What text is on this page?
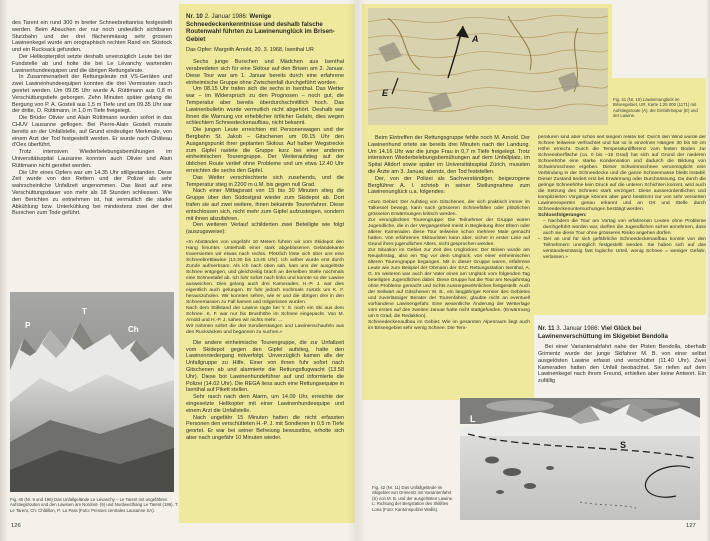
des Tarent ein rund 300 m breiter Schneebrettanriss festgestellt werden. Beim Absuchen der nur noch undeutlich sichtbaren Sturzbahn und der drei flächenmässig sehr grossen Lawinenkegel wurde am orographisch rechten Rand ein Skistock und ein Rucksack gefunden.

Der Helikopterpilot setzte deshalb unverzüglich Leute bei der Fundstelle ab und holte die bei Le Lévanchy wartenden Lawinenhundeequipen und die übrigen Rettungsleute.

In Zusammenarbeit der Rettungsleute mit VS-Geräten und zwei Lawinenhundeequipen konnten die drei Vermissten rasch geortet werden. Um 09.05 Uhr wurde A. Rüttimann aus 0,8 m Verschüttungstiefe geborgen. Zehn Minuten später gelang die Bergung von P. A. Gosteli aus 1,5 m Tiefe und um 09.35 Uhr war der dritte, O. Rüttimann, in 1,0 m Tiefe freigelegt.

Die Brüder Olivier und Alain Rüttimann wurden sofort in das CHUV Lausanne geflogen. Bei Pierre-Alain Gosteli musste bereits an der Unfallstelle, auf Grund eindeutiger Merkmale, von einem Arzt der Tod festgestellt werden. Er wurde nach Château d'Oex überführt.

Trotz intensiven Wiederbelebungsbemühungen im Universitätsspital Lausanne konnten auch Olivier und Alain Rüttimann nicht gerettet werden.

Die Uhr eines Opfers war um 14.35 Uhr stillgestanden. Diese Zeit wurde von den Rettern und der Polizei als sehr wahrscheinliche Unfallzeit angenommen. Das lässt auf eine Verschüttungsdauer von mehr als 18 Stunden schliessen. Wie den Berichten zu entnehmen ist, hat vermutlich die starke Abkühlung bzw. Unterkühlung bei mindestens zwei der drei Burschen zum Tode geführt.

P
T
Ch
Fig. 40 (Nr. 9 und 196) Das Unfallgelände Le Lévanchy – Le Tarent mit ungefähren Aufstiegsrouten und den Lawinen am Nordost- (9) und Nordwesthang Le Tarent (196). T: Le Tarent, Ch: Châtillon, P: La Para (Foto: Presses centrales Lausanne SA).
126
Nr. 10 2. Januar 1986: Wenige Schneedeckenkenntnisse und deshalb falsche Routenwahl führten zu Lawinenunglück im Brisen-Gebiet

Das Opfer: Margrith Arnold, 20. 3. 1968, Isenthal UR

Sechs junge Burschen und Mädchen aus Isenthal verabredeten sich für eine Skitour auf den Brisen am 2. Januar. Diese Tour war am 1. Januar bereits durch eine erfahrene einheimische Gruppe ohne Zwischenfall durchgeführt worden.

Um 08.15 Uhr trafen sich die sechs in Isenthal. Das Wetter war – im Widerspruch zu den Prognosen – noch gut, die Temperatur aber bereits überdurchschnittlich hoch. Das Lawinenbulletin wurde vermutlich nicht abgehört. Deshalb war ihnen die Warnung vor erheblicher örtlicher Gefahr, dies wegen schlechtem Schneedeckenaufbau, nicht bekannt.

Die jungen Leute erreichten mit Personenwagen und der Bergbahn St. Jakob – Gitschenen um 09.15 Uhr den Ausgangspunkt ihrer geplanten Skitour. Auf halber Wegstrecke zum Gipfel rastete die Gruppe kurz bei einer anderen einheimischen Tourengruppe. Der Weiteraufstieg auf der üblichen Route verlief ohne Probleme und um etwa 12.40 Uhr erreichten die sechs den Gipfel.

Das Wetter verschlechterte sich zusehends, und die Temperatur stieg in 2200 m ü.M. bis gegen null Grad.

Nach einer Mittagsrast von 15 bis 30 Minuten stieg die Gruppe über den Südostgrat wieder zum Skidepot ab. Dort trafen sie auf zwei weitere, ihnen bekannte Tourenfahrer. Diese entschlossen sich, nicht mehr zum Gipfel aufzusteigen, sondern mit ihnen abzufahren.

Den weiteren Verlauf schilderten zwei Beteiligte wie folgt (auszugsweise):

«In Abständen von ungefähr 10 Metern fuhren wir vom Skidepot den Hang hinunter. Unterhalb einer stark abgeblasenen Geländekante traversierten wir etwas nach rechts. Plötzlich löste sich über uns eine Schneebrettlawine (13.30 bis 13.45 Uhr). Ich selber wurde erst durch Zurufe aufmerksam. Als ich nach oben sah, kam uns der ausgelöste Schnee entgegen, und gleichzeitig brach an derselben Stelle nochmals eine Schneetafel ab. Ich fuhr sofort nach links und konnte so der Lawine ausweichen. Dies gelang auch drei Kameraden. H.-P. J. war dies eigentlich auch gelungen. Er fuhr jedoch nochmals zurück um K. F. herauszuholen. Wir konnten sehen, wie er und die übrigen drei in den Schneemassen zu Fall kamen und mitgerissen wurden.

Nach dem Stillstand der Lawine ragte bei Y. S. noch ein Ski aus dem Schnee. K. F. war nur bis Brusthöhe im Schnee eingepackt. Von M. Arnold und H.-P. J. sahen wir nichts mehr. ...

Wir nahmen sofort die drei Sondierstangen und Lawinenschaufeln aus den Rucksäcken und begannen zu suchen.»

Die andere einheimische Tourengruppe, die zur Unfallzeit vom Skidepot gegen den Gipfel aufstieg, hatte den Lawinenniedergang mitverfolgt. Unverzüglich kamen alle der Unfallgruppe zu Hilfe. Einer von ihnen fuhr sofort nach Gitschenen ab und alarmierte die Rettungsflugwacht (13.58 Uhr). Diese bot Lawinenhundeführer auf und informierte die Polizei (14.02 Uhr). Die REGA liess auch eine Rettungsequipe in Isenthal auf Pikett stellen.

Sehr rasch nach dem Alarm, um 14.09 Uhr, erreichte der eingesetzte Helikopter mit einer Lawinenhundeequipe und einem Arzt die Unfallstelle.

Nach ungefähr 15 Minuten hatten die nicht erfassten Personen den verschütteten H.-P. J. mit Sondieren in 0,5 m Tiefe geortet. Er war bei seiner Befreiung bewusstlos, erholte sich aber nach ungefähr 10 Minuten wieder.

A
E
Fig. 41 (Nr. 10) Lawinenunglück im Brisengebiet, UR, Karte 1:25 000 (1171) mit Aufstiegsroute (A), der Einfahrtsspur (E) und der Lawine.

Beim Eintreffen der Rettungsgruppe fehlte noch M. Arnold. Der Lawinenhund ortete sie bereits drei Minuten nach der Landung. Um 14.16 Uhr war die junge Frau in 0,7 m Tiefe freigelegt. Trotz intensiven Wiederbelebungsbemühungen auf dem Unfallplatz, im Spital Altdorf sowie später im Universitätsspital Zürich, mussten die Ärzte am 3. Januar, abends, den Tod feststellen.

Der, von der Polizei als Sachverständiger, beigezogene Bergführer A. I. schrieb in seiner Stellungnahme zum Lawinenunglück u.a. folgendes:

«Zum Gebiet: Der Aufstieg von Gitschenen, der sich praktisch immer im Talkessel bewegt, kann nach grösseren Schneefällen oder plötzlichen grösseren Erwärmungen kritisch werden.

Zur verunglückten Tourengruppe: Die Teilnehmer der Gruppe waren Jugendliche, die in der Vergangenheit meist in Begleitung ihrer Eltern oder älterer Kameraden diese Tour teilweise schon mehrere Male gemacht hatten. Von erfahrenen Skitouristen kann aber, sicher in erster Linie auf Grund ihres jugendlichen Alters, nicht gesprochen werden.

Zur Situation im Gebiet zur Zeit des Unglückes: Der Brisen wurde am Neujahrstag, also ein Tag vor dem Unglück, von einer einheimischen älteren Tourengruppe begangen. Mit in dieser Gruppe waren, erfahrene Leute wie zum Beispiel der Obmann der SAC Rettungsstation Isenthal, A. G. Im weiteren war auch der Vater eines am Unglück vom folgenden Tag beteiligten Jugendlichen dabei. Diese Gruppe hat die Tour am Neujahrstag ohne Probleme gemacht und nichts Aussergewöhnliches festgestellt. Auch der Seilwart auf Gitschenen W. B., ein langjähriger Kenner des Gebietes und zuverlässiger Berater der Tourenfahrer, glaubte nicht an eventuell vorhandene Lawinengefahr. Eine wesentliche Änderung der Wetterlage vom ersten auf den zweiten Januar hatte nicht stattgefunden. (Erwärmung um 5 Grad; die Redaktion).

Schneedeckenaufbau im Gebiet: Wie im gesamten Alpenraum liegt auch im Brisengebiet sehr wenig Schnee. Die Tem-

peraturen sind aber schon seit langem relativ tief. Durch den Wind wurde der Schnee teilweise verfrachtet und hat so in einzelnen Hängen 30 bis 50 cm Höhe erreicht. Durch die Temperaturdifferenz vom festen Boden zur Schneeoberfläche (ca. 0 bis –15 Grad) hat sich auf Grund der niederen Schneehöhe eine starke Kondensation und dadurch die Bildung von Schwimmschnee ergeben. Dieser Schwimmschnee verunmöglicht eine Verbindung in der Schneedecke und die ganze Schneemasse bleibt instabil. Dieser Zustand ändert erst bei Erwärmung oder Durchnässung. Da durch die geringe Schneehöhe kein Druck auf die unteren Schichten kommt, wird auch die Setzung des Schnees stark verzögert. Diese ausserordentlichen und komplizierten Vorgänge können aber ganz bestimmt nur von sehr versierten Lawinenexperten genau erkannt und an Ort und Stelle durch Schneedeckenuntersuchungen bestätigt werden.

Schlussfolgerungen:

– Nachdem die Tour am Vortag von erfahrenen Leuten ohne Probleme durchgeführt worden war, durften die Jugendlichen sicher annehmen, dass auch sie diese Tour ohne grösseres Risiko angehen dürfen.

– Der an und für sich gefährliche Schneedeckenaufbau konnte von den Teilnehmern unmöglich festgestellt werden. Sie haben sich auf das verstandesmässig fast logische Urteil, wenig Schnee = weniger Gefahr, verlassen.»

Nr. 11 3. Januar 1986: Viel Glück bei Lawinenverschüttung im Skigebiet Bendolla

Bei einer Variantenabfahrt nahe der Pisten Bendolla, oberhalb Grimentz wurde der junge Skifahrer M. B. von einer selbst ausgelösten Lawine erfasst und verschüttet (11.40 Uhr). Zwei Kameraden hatten den Unfall beobachtet. Sie riefen auf dem Lawinenkegel nach ihrem Freund, erhielten aber keine Antwort. Ein zufällig

L
S
Fig. 42 (Nr. 11) Das Unfallgelände im Skigebiet von Grimentz mit Variantenfahrt (S) von M. B. und der ausgelösten Lawine. L: Richtung der Bergstation des Skiliftes Lona (Foto: Kantonspolizei Wallis).
127
